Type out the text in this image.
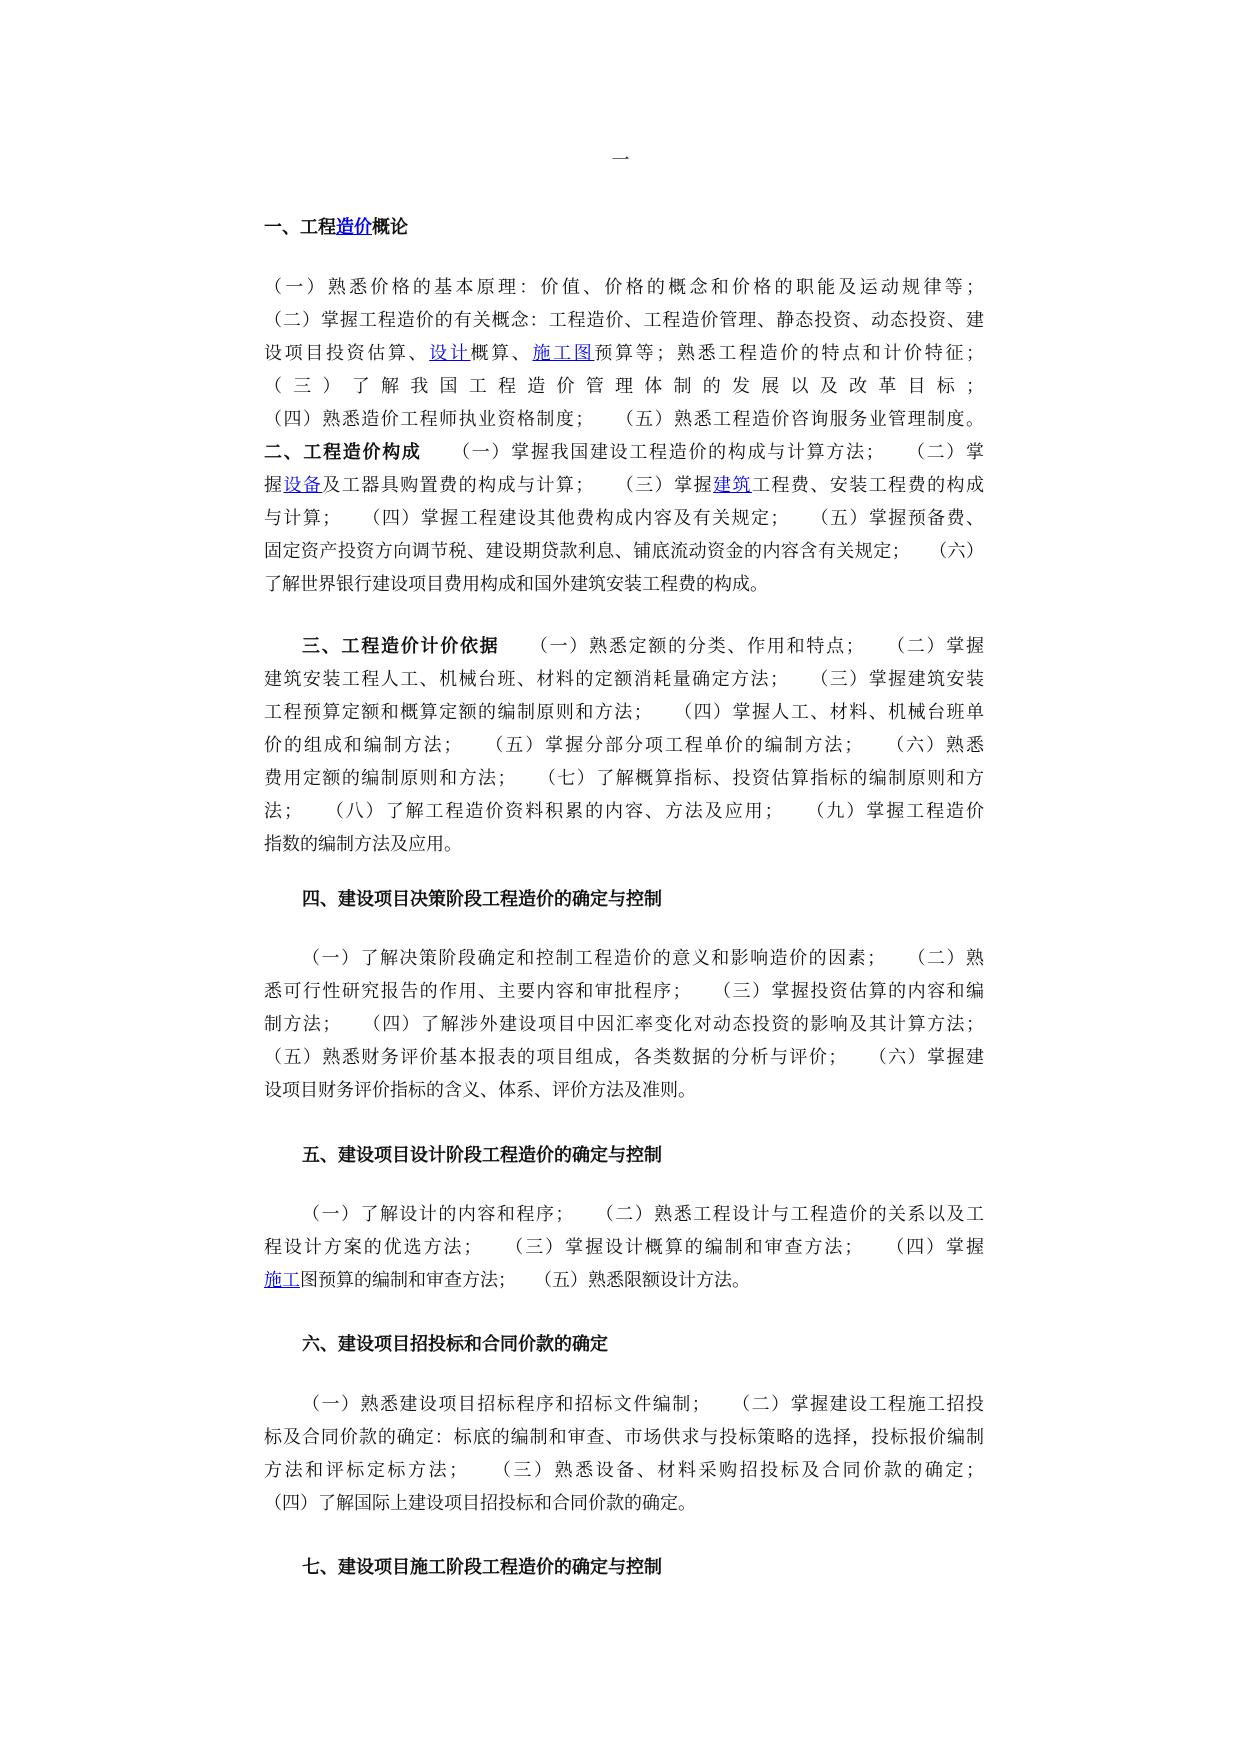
一
一、工程造价概论
（一）熟悉价格的基本原理：价值、价格的概念和价格的职能及运动规律等；
（二）掌握工程造价的有关概念：工程造价、工程造价管理、静态投资、动态投资、建
设项目投资估算、设计概算、施工图预算等；熟悉工程造价的特点和计价特征；
（三）了解我国工程造价管理体制的发展以及改革目标；
（四）熟悉造价工程师执业资格制度；　　（五）熟悉工程造价咨询服务业管理制度。
二、工程造价构成　　（一）掌握我国建设工程造价的构成与计算方法；　　（二）掌
握设备及工器具购置费的构成与计算；　　（三）掌握建筑工程费、安装工程费的构成
与计算；　　（四）掌握工程建设其他费构成内容及有关规定；　　（五）掌握预备费、
固定资产投资方向调节税、建设期贷款利息、铺底流动资金的内容含有关规定；　　（六）
了解世界银行建设项目费用构成和国外建筑安装工程费的构成。
三、工程造价计价依据　　（一）熟悉定额的分类、作用和特点；　　（二）掌握
建筑安装工程人工、机械台班、材料的定额消耗量确定方法；　　（三）掌握建筑安装
工程预算定额和概算定额的编制原则和方法；　　（四）掌握人工、材料、机械台班单
价的组成和编制方法；　　（五）掌握分部分项工程单价的编制方法；　　（六）熟悉
费用定额的编制原则和方法；　　（七）了解概算指标、投资估算指标的编制原则和方
法；　　（八）了解工程造价资料积累的内容、方法及应用；　　（九）掌握工程造价
指数的编制方法及应用。
四、建设项目决策阶段工程造价的确定与控制
（一）了解决策阶段确定和控制工程造价的意义和影响造价的因素；　　（二）熟
悉可行性研究报告的作用、主要内容和审批程序；　　（三）掌握投资估算的内容和编
制方法；　　（四）了解涉外建设项目中因汇率变化对动态投资的影响及其计算方法；
（五）熟悉财务评价基本报表的项目组成，各类数据的分析与评价；　　（六）掌握建
设项目财务评价指标的含义、体系、评价方法及准则。
五、建设项目设计阶段工程造价的确定与控制
（一）了解设计的内容和程序；　　（二）熟悉工程设计与工程造价的关系以及工
程设计方案的优选方法；　　（三）掌握设计概算的编制和审查方法；　　（四）掌握
施工图预算的编制和审查方法；　　（五）熟悉限额设计方法。
六、建设项目招投标和合同价款的确定
（一）熟悉建设项目招标程序和招标文件编制；　　（二）掌握建设工程施工招投
标及合同价款的确定：标底的编制和审查、市场供求与投标策略的选择，投标报价编制
方法和评标定标方法；　　（三）熟悉设备、材料采购招投标及合同价款的确定；
（四）了解国际上建设项目招投标和合同价款的确定。
七、建设项目施工阶段工程造价的确定与控制
